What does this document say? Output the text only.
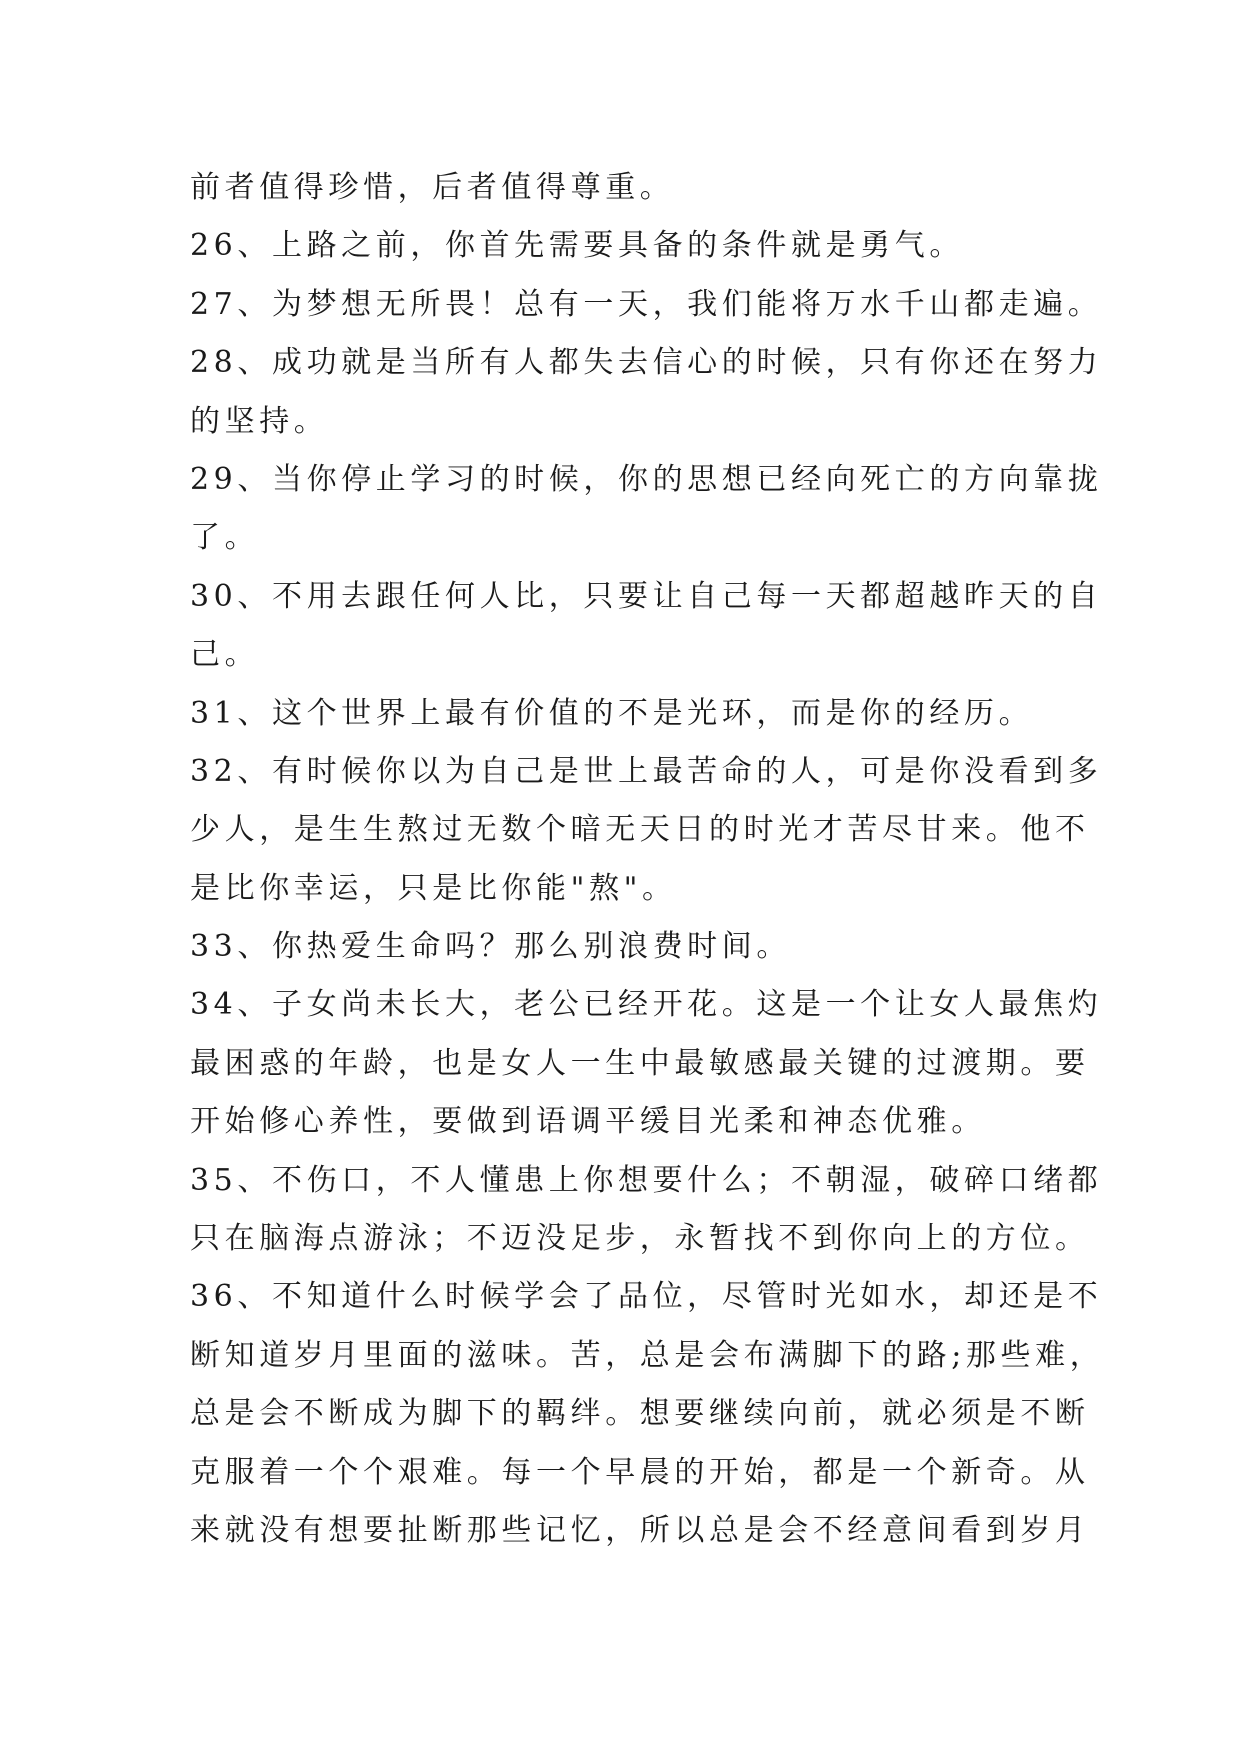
前者值得珍惜，后者值得尊重。
26、上路之前，你首先需要具备的条件就是勇气。
27、为梦想无所畏！总有一天，我们能将万水千山都走遍。
28、成功就是当所有人都失去信心的时候，只有你还在努力
的坚持。
29、当你停止学习的时候，你的思想已经向死亡的方向靠拢
了。
30、不用去跟任何人比，只要让自己每一天都超越昨天的自
己。
31、这个世界上最有价值的不是光环，而是你的经历。
32、有时候你以为自己是世上最苦命的人，可是你没看到多
少人，是生生熬过无数个暗无天日的时光才苦尽甘来。他不
是比你幸运，只是比你能"熬"。
33、你热爱生命吗？那么别浪费时间。
34、子女尚未长大，老公已经开花。这是一个让女人最焦灼
最困惑的年龄，也是女人一生中最敏感最关键的过渡期。要
开始修心养性，要做到语调平缓目光柔和神态优雅。
35、不伤口，不人懂患上你想要什么；不朝湿，破碎口绪都
只在脑海点游泳；不迈没足步，永暂找不到你向上的方位。
36、不知道什么时候学会了品位，尽管时光如水，却还是不
断知道岁月里面的滋味。苦，总是会布满脚下的路;那些难，
总是会不断成为脚下的羁绊。想要继续向前，就必须是不断
克服着一个个艰难。每一个早晨的开始，都是一个新奇。从
来就没有想要扯断那些记忆，所以总是会不经意间看到岁月
